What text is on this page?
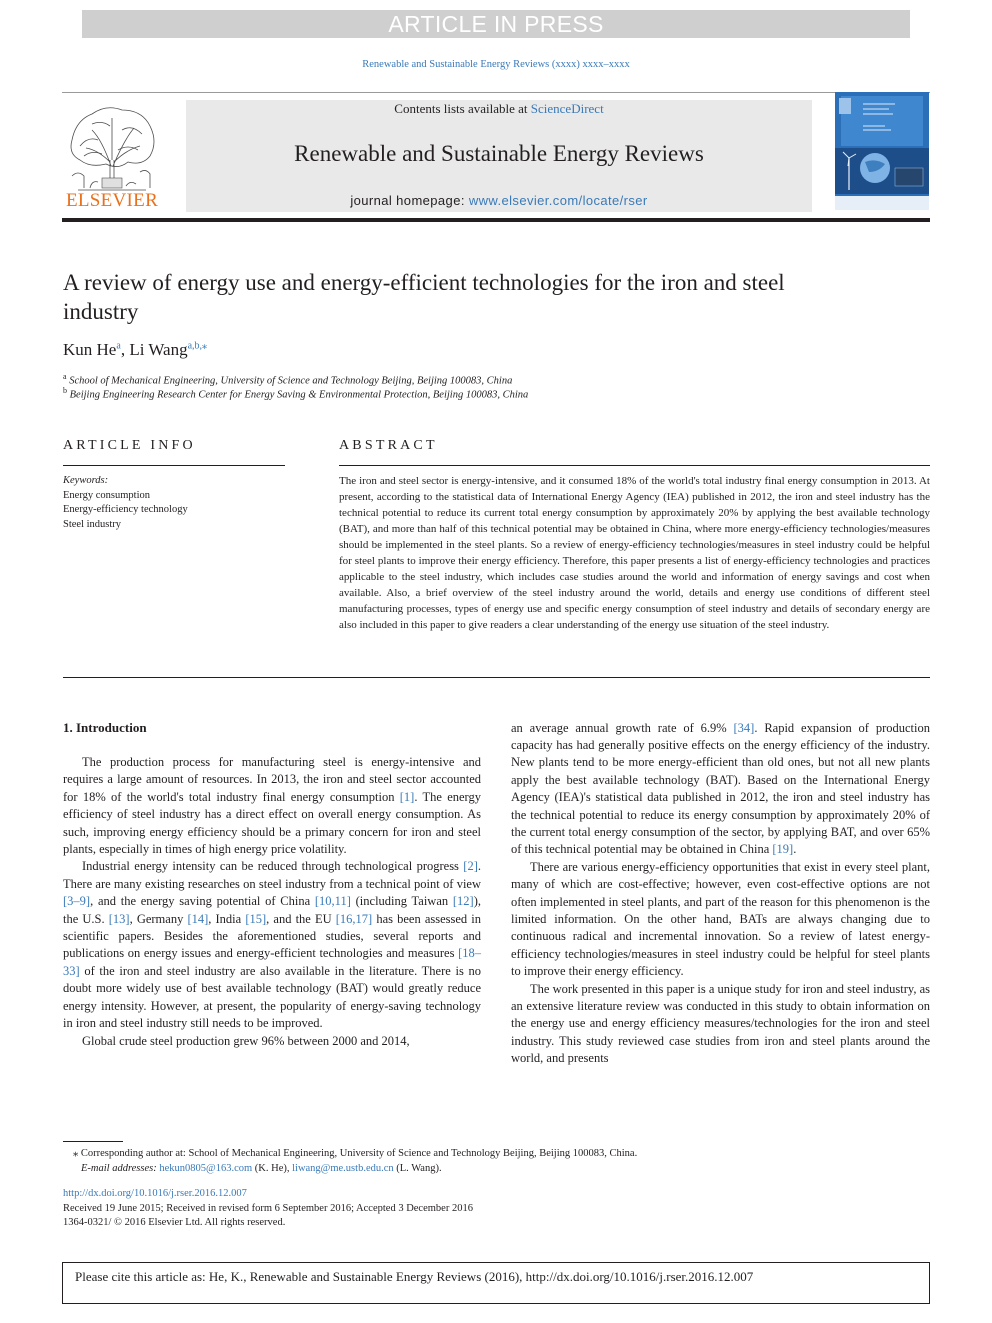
ARTICLE IN PRESS
Renewable and Sustainable Energy Reviews (xxxx) xxxx–xxxx
Contents lists available at ScienceDirect
Renewable and Sustainable Energy Reviews
journal homepage: www.elsevier.com/locate/rser
ELSEVIER
A review of energy use and energy-efficient technologies for the iron and steel industry
Kun He$^a$, Li Wang$^{a,b,⁎}$
$^a$ School of Mechanical Engineering, University of Science and Technology Beijing, Beijing 100083, China
$^b$ Beijing Engineering Research Center for Energy Saving & Environmental Protection, Beijing 100083, China
ARTICLE INFO	ABSTRACT
Keywords:
Energy consumption
Energy-efficiency technology
Steel industry
The iron and steel sector is energy-intensive, and it consumed 18% of the world's total industry final energy consumption in 2013. At present, according to the statistical data of International Energy Agency (IEA) published in 2012, the iron and steel industry has the technical potential to reduce its current total energy consumption by approximately 20% by applying the best available technology (BAT), and more than half of this technical potential may be obtained in China, where more energy-efficiency technologies/measures should be implemented in the steel plants. So a review of energy-efficiency technologies/measures in steel industry could be helpful for steel plants to improve their energy efficiency. Therefore, this paper presents a list of energy-efficiency technologies and practices applicable to the steel industry, which includes case studies around the world and information of energy savings and cost when available. Also, a brief overview of the steel industry around the world, details and energy use conditions of different steel manufacturing processes, types of energy use and specific energy consumption of steel industry and details of secondary energy are also included in this paper to give readers a clear understanding of the energy use situation of the steel industry.
1. Introduction

The production process for manufacturing steel is energy-intensive and requires a large amount of resources. In 2013, the iron and steel sector accounted for 18% of the world's total industry final energy consumption [1]. The energy efficiency of steel industry has a direct effect on overall energy consumption. As such, improving energy efficiency should be a primary concern for iron and steel plants, especially in times of high energy price volatility.

Industrial energy intensity can be reduced through technological progress [2]. There are many existing researches on steel industry from a technical point of view [3–9], and the energy saving potential of China [10,11] (including Taiwan [12]), the U.S. [13], Germany [14], India [15], and the EU [16,17] has been assessed in scientific papers. Besides the aforementioned studies, several reports and publications on energy issues and energy-efficient technologies and measures [18–33] of the iron and steel industry are also available in the literature. There is no doubt more widely use of best available technology (BAT) would greatly reduce energy intensity. However, at present, the popularity of energy-saving technology in iron and steel industry still needs to be improved.

Global crude steel production grew 96% between 2000 and 2014,

an average annual growth rate of 6.9% [34]. Rapid expansion of production capacity has had generally positive effects on the energy efficiency of the industry. New plants tend to be more energy-efficient than old ones, but not all new plants apply the best available technology (BAT). Based on the International Energy Agency (IEA)'s statistical data published in 2012, the iron and steel industry has the technical potential to reduce its energy consumption by approximately 20% of the current total energy consumption of the sector, by applying BAT, and over 65% of this technical potential may be obtained in China [19].

There are various energy-efficiency opportunities that exist in every steel plant, many of which are cost-effective; however, even cost-effective options are not often implemented in steel plants, and part of the reason for this phenomenon is the limited information. On the other hand, BATs are always changing due to continuous radical and incremental innovation. So a review of latest energy-efficiency technologies/measures in steel industry could be helpful for steel plants to improve their energy efficiency.

The work presented in this paper is a unique study for iron and steel industry, as an extensive literature review was conducted in this study to obtain information on the energy use and energy efficiency measures/technologies for the iron and steel industry. This study reviewed case studies from iron and steel plants around the world, and presents

⁎ Corresponding author at: School of Mechanical Engineering, University of Science and Technology Beijing, Beijing 100083, China.
E-mail addresses: hekun0805@163.com (K. He), liwang@me.ustb.edu.cn (L. Wang).
http://dx.doi.org/10.1016/j.rser.2016.12.007
Received 19 June 2015; Received in revised form 6 September 2016; Accepted 3 December 2016
1364-0321/ © 2016 Elsevier Ltd. All rights reserved.
Please cite this article as: He, K., Renewable and Sustainable Energy Reviews (2016), http://dx.doi.org/10.1016/j.rser.2016.12.007
